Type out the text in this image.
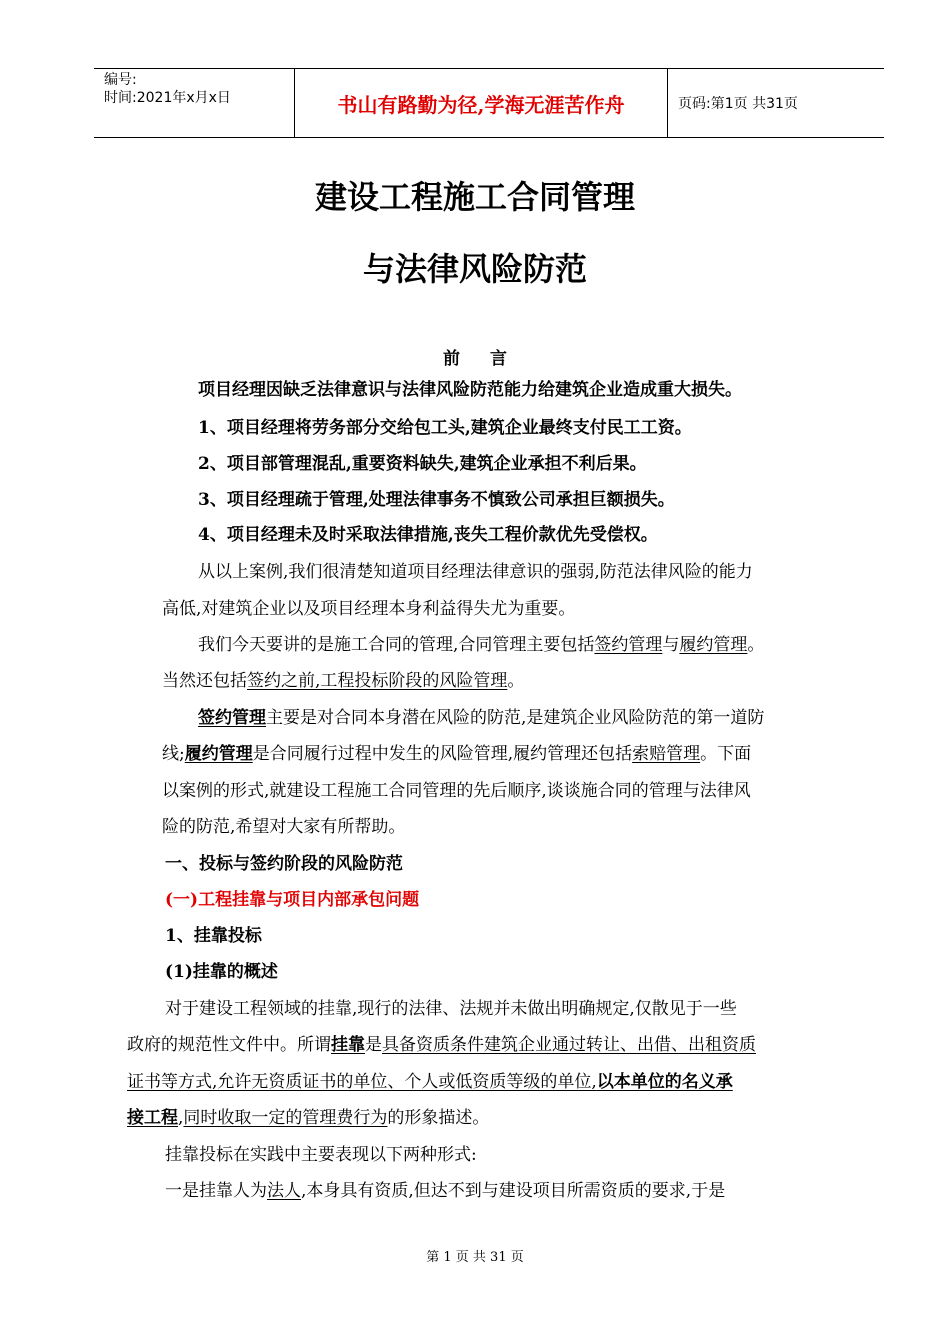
编号:
时间:2021年x月x日	书山有路勤为径,学海无涯苦作舟	页码:第1页 共31页
建设工程施工合同管理
与法律风险防范
前言
项目经理因缺乏法律意识与法律风险防范能力给建筑企业造成重大损失。
1、项目经理将劳务部分交给包工头,建筑企业最终支付民工工资。
2、项目部管理混乱,重要资料缺失,建筑企业承担不利后果。
3、项目经理疏于管理,处理法律事务不慎致公司承担巨额损失。
4、项目经理未及时采取法律措施,丧失工程价款优先受偿权。
从以上案例,我们很清楚知道项目经理法律意识的强弱,防范法律风险的能力
高低,对建筑企业以及项目经理本身利益得失尤为重要。
我们今天要讲的是施工合同的管理,合同管理主要包括签约管理与履约管理。
当然还包括签约之前,工程投标阶段的风险管理。
签约管理主要是对合同本身潜在风险的防范,是建筑企业风险防范的第一道防
线;履约管理是合同履行过程中发生的风险管理,履约管理还包括索赔管理。下面
以案例的形式,就建设工程施工合同管理的先后顺序,谈谈施合同的管理与法律风
险的防范,希望对大家有所帮助。
一、投标与签约阶段的风险防范
(一)工程挂靠与项目内部承包问题
1、挂靠投标
(1)挂靠的概述
对于建设工程领域的挂靠,现行的法律、法规并未做出明确规定,仅散见于一些
政府的规范性文件中。所谓挂靠是具备资质条件建筑企业通过转让、出借、出租资质
证书等方式,允许无资质证书的单位、个人或低资质等级的单位,以本单位的名义承
接工程,同时收取一定的管理费行为的形象描述。
挂靠投标在实践中主要表现以下两种形式:
一是挂靠人为法人,本身具有资质,但达不到与建设项目所需资质的要求,于是
第 1 页 共 31 页
